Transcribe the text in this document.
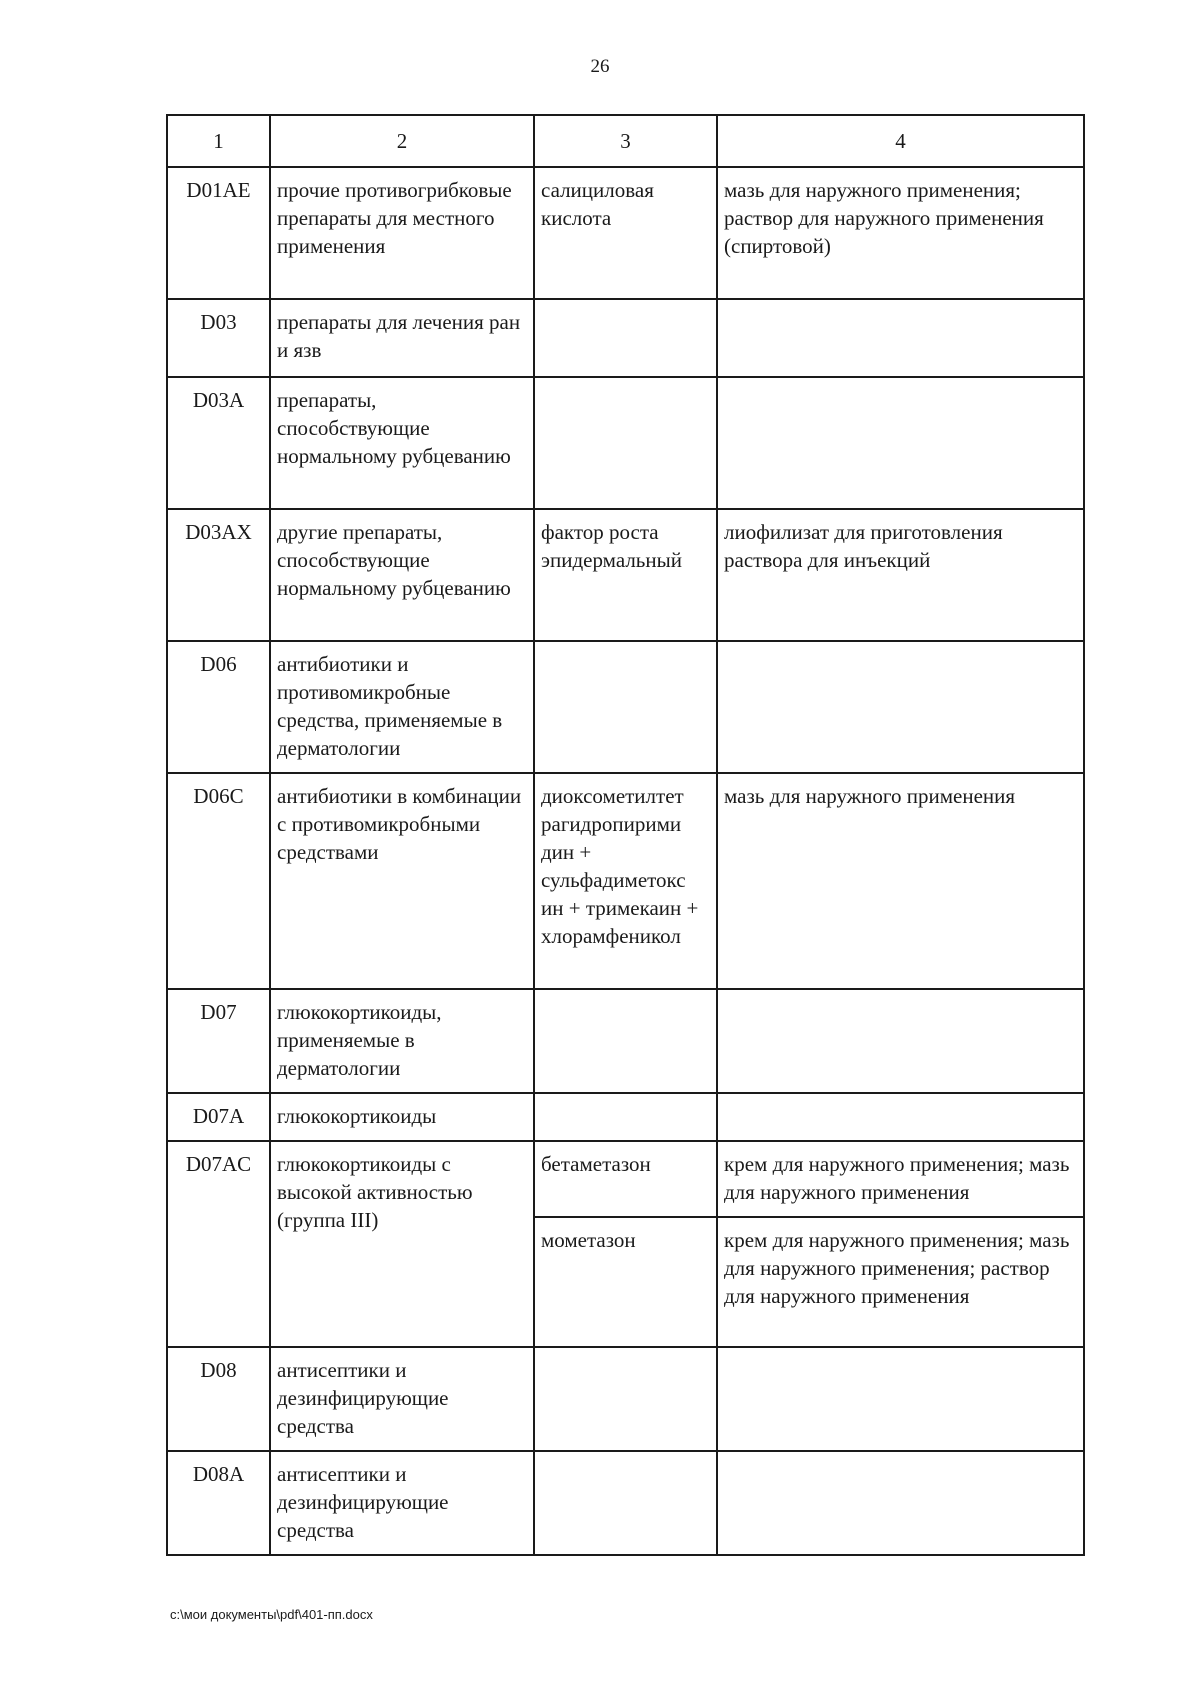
26
1	2	3	4
D01AE	прочие противогрибковые препараты для местного применения	салициловая кислота	мазь для наружного применения; раствор для наружного применения (спиртовой)
D03	препараты для лечения ран и язв		
D03A	препараты, способствующие нормальному рубцеванию		
D03AX	другие препараты, способствующие нормальному рубцеванию	фактор роста эпидермальный	лиофилизат для приготовления раствора для инъекций
D06	антибиотики и противомикробные средства, применяемые в дерматологии		
D06C	антибиотики в комбинации с противомикробными средствами	диоксометилтет рагидропирими дин + сульфадиметокс ин + тримекаин + хлорамфеникол	мазь для наружного применения
D07	глюкокортикоиды, применяемые в дерматологии		
D07A	глюкокортикоиды		
D07AC	глюкокортикоиды с высокой активностью (группа III)	бетаметазон	крем для наружного применения; мазь для наружного применения
		мометазон	крем для наружного применения; мазь для наружного применения; раствор для наружного применения
D08	антисептики и дезинфицирующие средства		
D08A	антисептики и дезинфицирующие средства		
c:\мои документы\pdf\401-пп.docx
